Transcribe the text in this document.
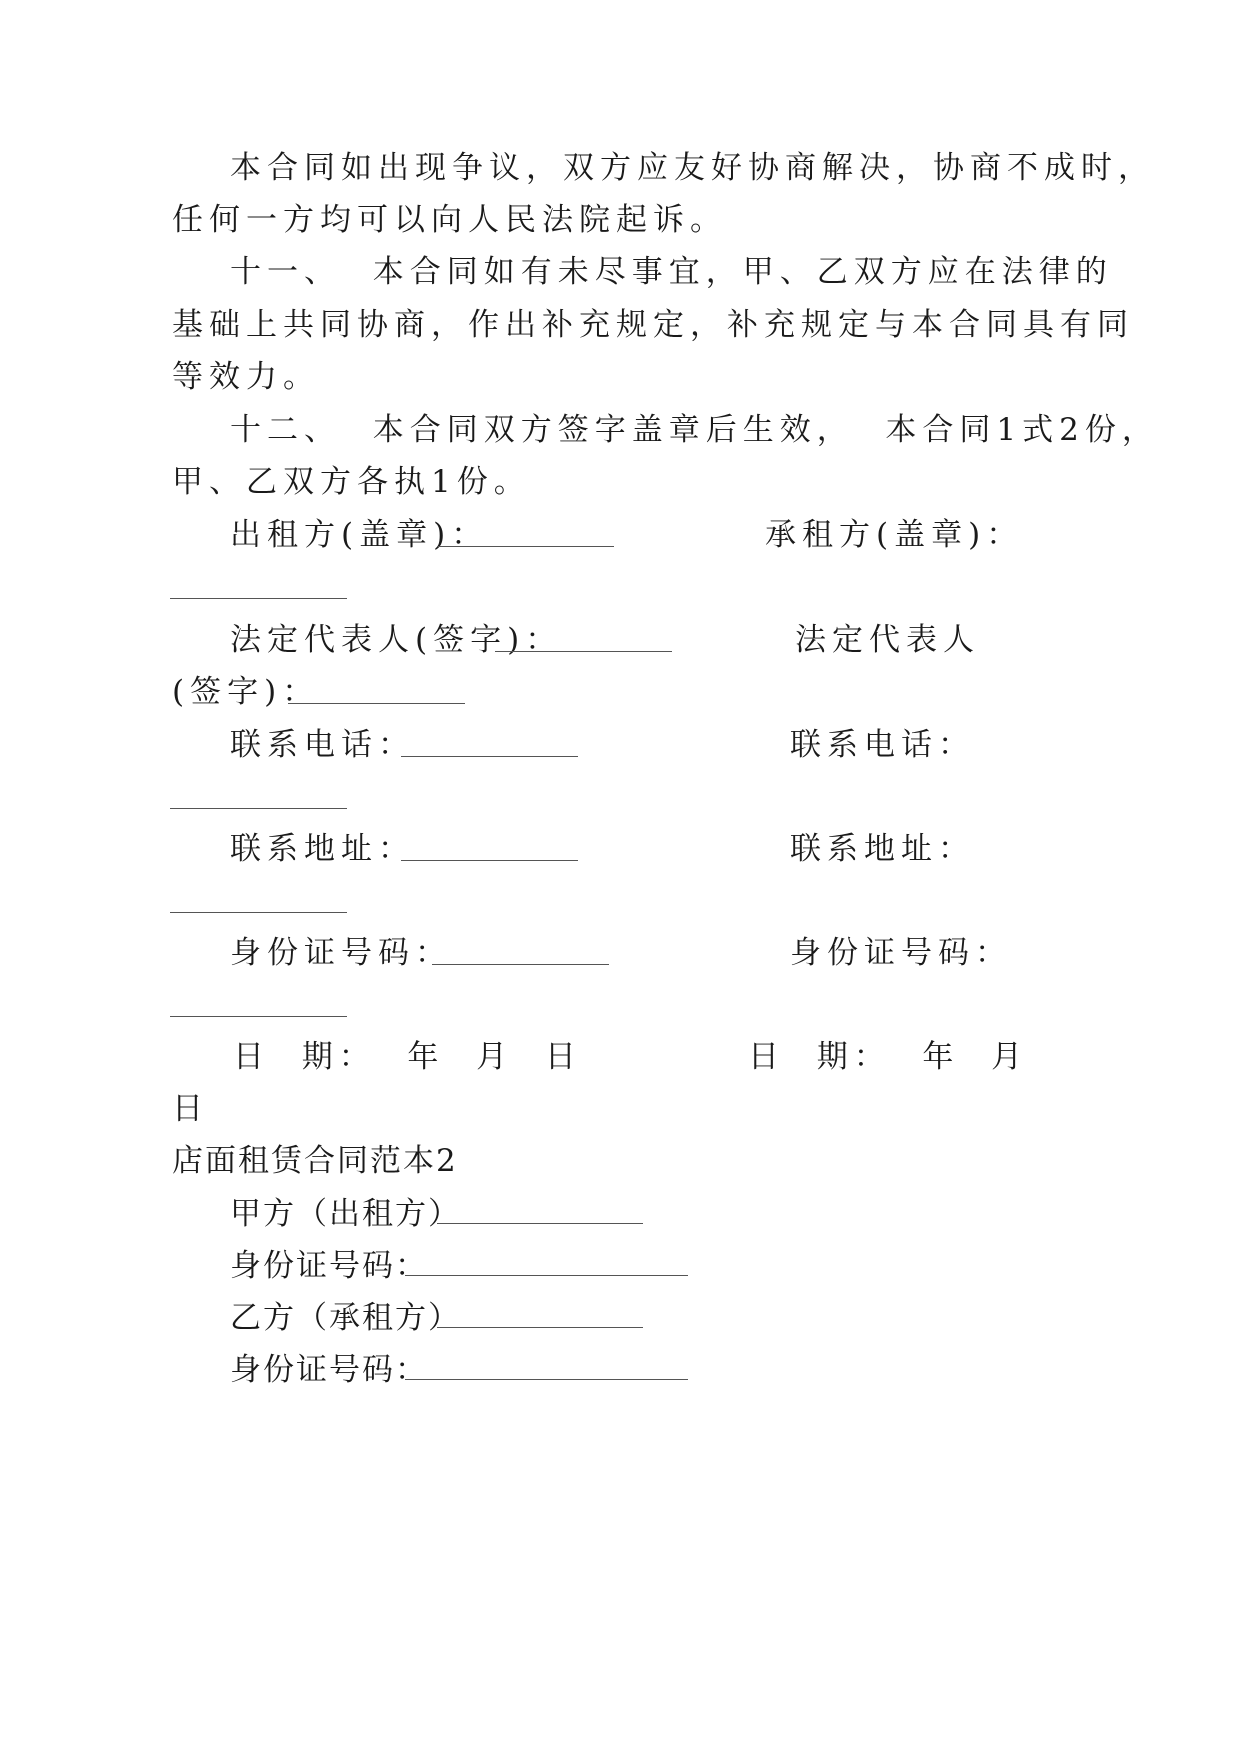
本合同如出现争议，双方应友好协商解决，协商不成时，
任何一方均可以向人民法院起诉。
十一、  本合同如有未尽事宜，甲、乙双方应在法律的
基础上共同协商，作出补充规定，补充规定与本合同具有同
等效力。
十二、  本合同双方签字盖章后生效，  本合同1式2份，
甲、乙双方各执1份。
出租方(盖章)：	承租方(盖章)：
法定代表人(签字)：	法定代表人
(签字)：
联系电话：	联系电话：
联系地址：	联系地址：
身份证号码：	身份证号码：
日  期：  年  月  日	日  期：  年  月
日
店面租赁合同范本2
甲方（出租方）
身份证号码：
乙方（承租方）
身份证号码：
